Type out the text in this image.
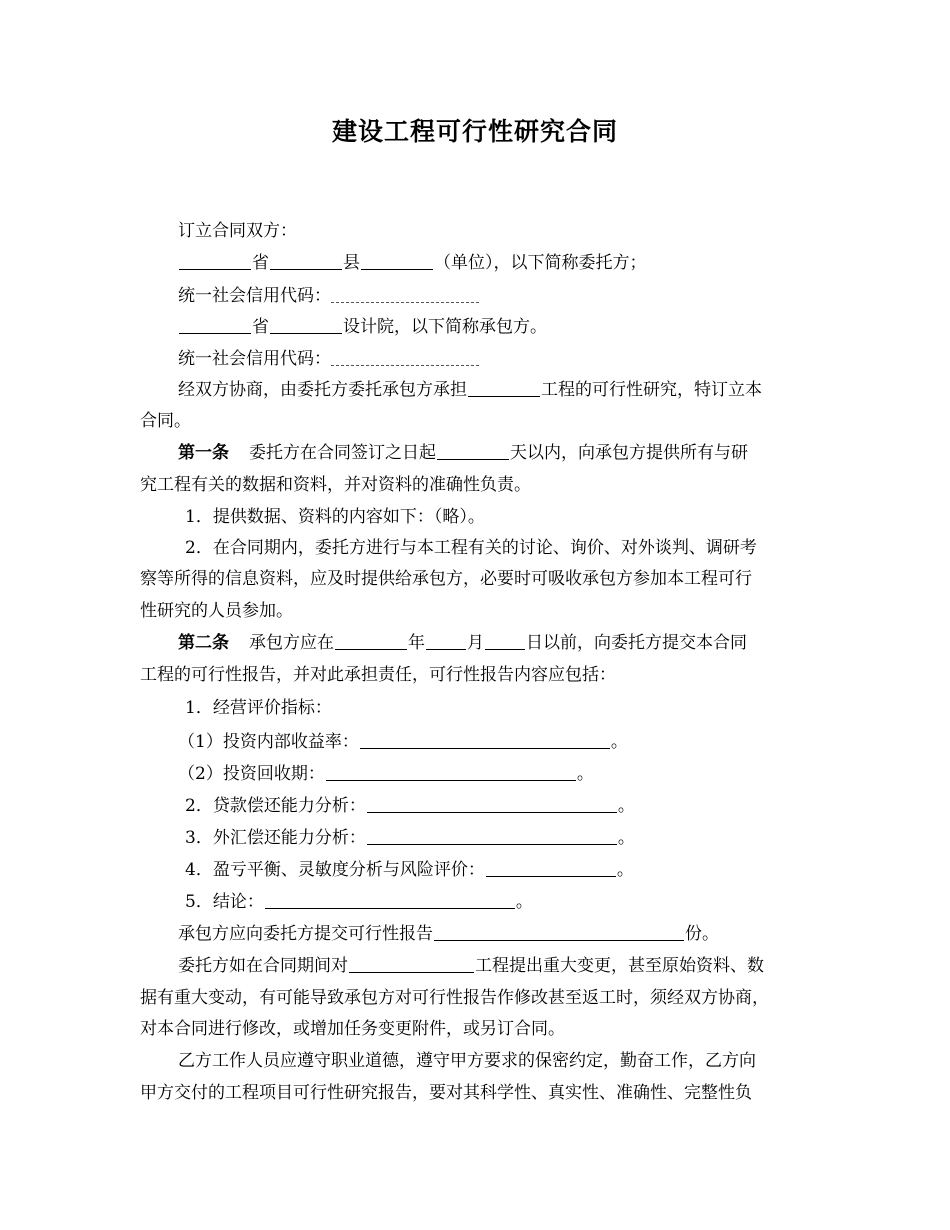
建设工程可行性研究合同
订立合同双方：
省	县	（单位），以下简称委托方；
统一社会信用代码：
省	设计院，以下简称承包方。
统一社会信用代码：
经双方协商，由委托方委托承包方承担	工程的可行性研究，特订立本
合同。
第一条 委托方在合同签订之日起	天以内，向承包方提供所有与研
究工程有关的数据和资料，并对资料的准确性负责。
1．提供数据、资料的内容如下：（略）。
2．在合同期内，委托方进行与本工程有关的讨论、询价、对外谈判、调研考
察等所得的信息资料，应及时提供给承包方，必要时可吸收承包方参加本工程可行
性研究的人员参加。
第二条 承包方应在	年 月 日以前，向委托方提交本合同
工程的可行性报告，并对此承担责任，可行性报告内容应包括：
1．经营评价指标：
（1）投资内部收益率：	。
（2）投资回收期：	。
2．贷款偿还能力分析：	。
3．外汇偿还能力分析：	。
4．盈亏平衡、灵敏度分析与风险评价：	。
5．结论：	。
承包方应向委托方提交可行性报告	份。
委托方如在合同期间对	工程提出重大变更，甚至原始资料、数
据有重大变动，有可能导致承包方对可行性报告作修改甚至返工时，须经双方协商，
对本合同进行修改，或增加任务变更附件，或另订合同。
乙方工作人员应遵守职业道德，遵守甲方要求的保密约定，勤奋工作，乙方向
甲方交付的工程项目可行性研究报告，要对其科学性、真实性、准确性、完整性负
